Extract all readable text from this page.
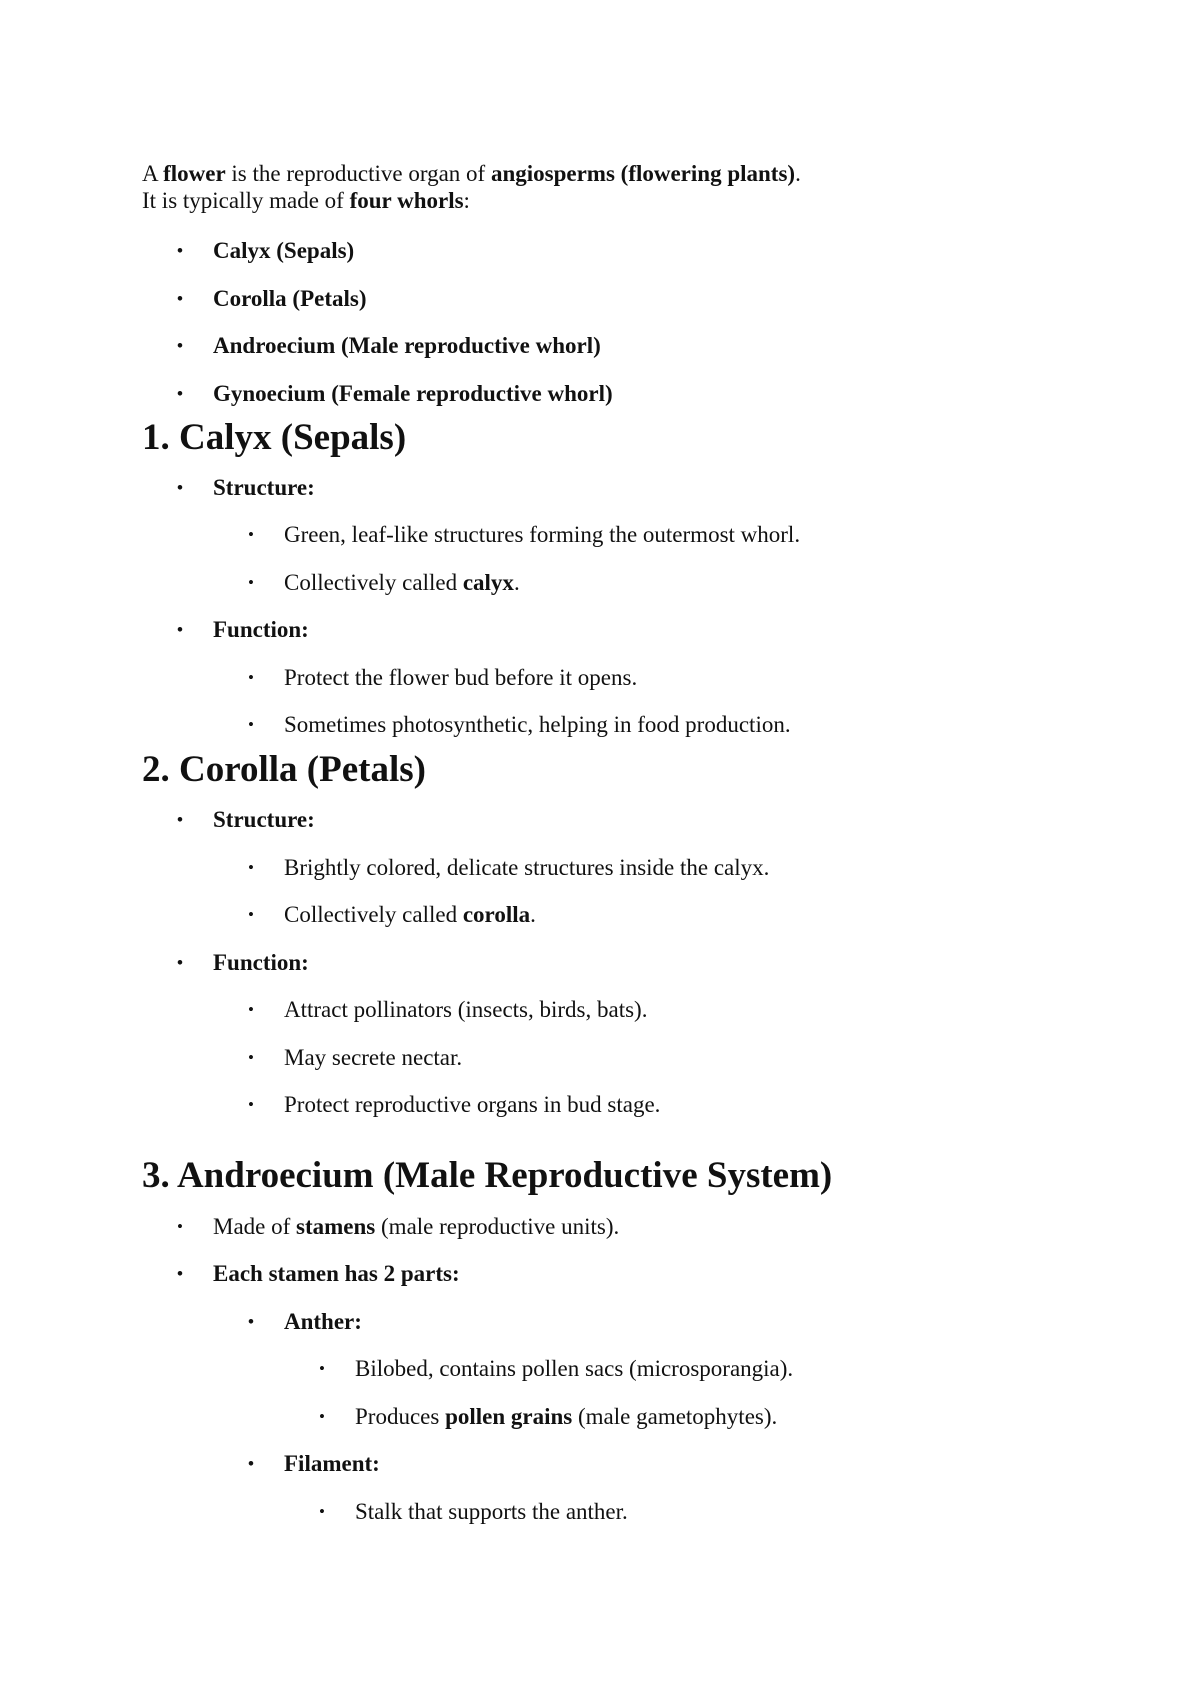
A flower is the reproductive organ of angiosperms (flowering plants).
It is typically made of four whorls:
• Calyx (Sepals)
• Corolla (Petals)
• Androecium (Male reproductive whorl)
• Gynoecium (Female reproductive whorl)
1. Calyx (Sepals)
• Structure:
• Green, leaf-like structures forming the outermost whorl.
• Collectively called calyx.
• Function:
• Protect the flower bud before it opens.
• Sometimes photosynthetic, helping in food production.
2. Corolla (Petals)
• Structure:
• Brightly colored, delicate structures inside the calyx.
• Collectively called corolla.
• Function:
• Attract pollinators (insects, birds, bats).
• May secrete nectar.
• Protect reproductive organs in bud stage.
3. Androecium (Male Reproductive System)
• Made of stamens (male reproductive units).
• Each stamen has 2 parts:
• Anther:
• Bilobed, contains pollen sacs (microsporangia).
• Produces pollen grains (male gametophytes).
• Filament:
• Stalk that supports the anther.
